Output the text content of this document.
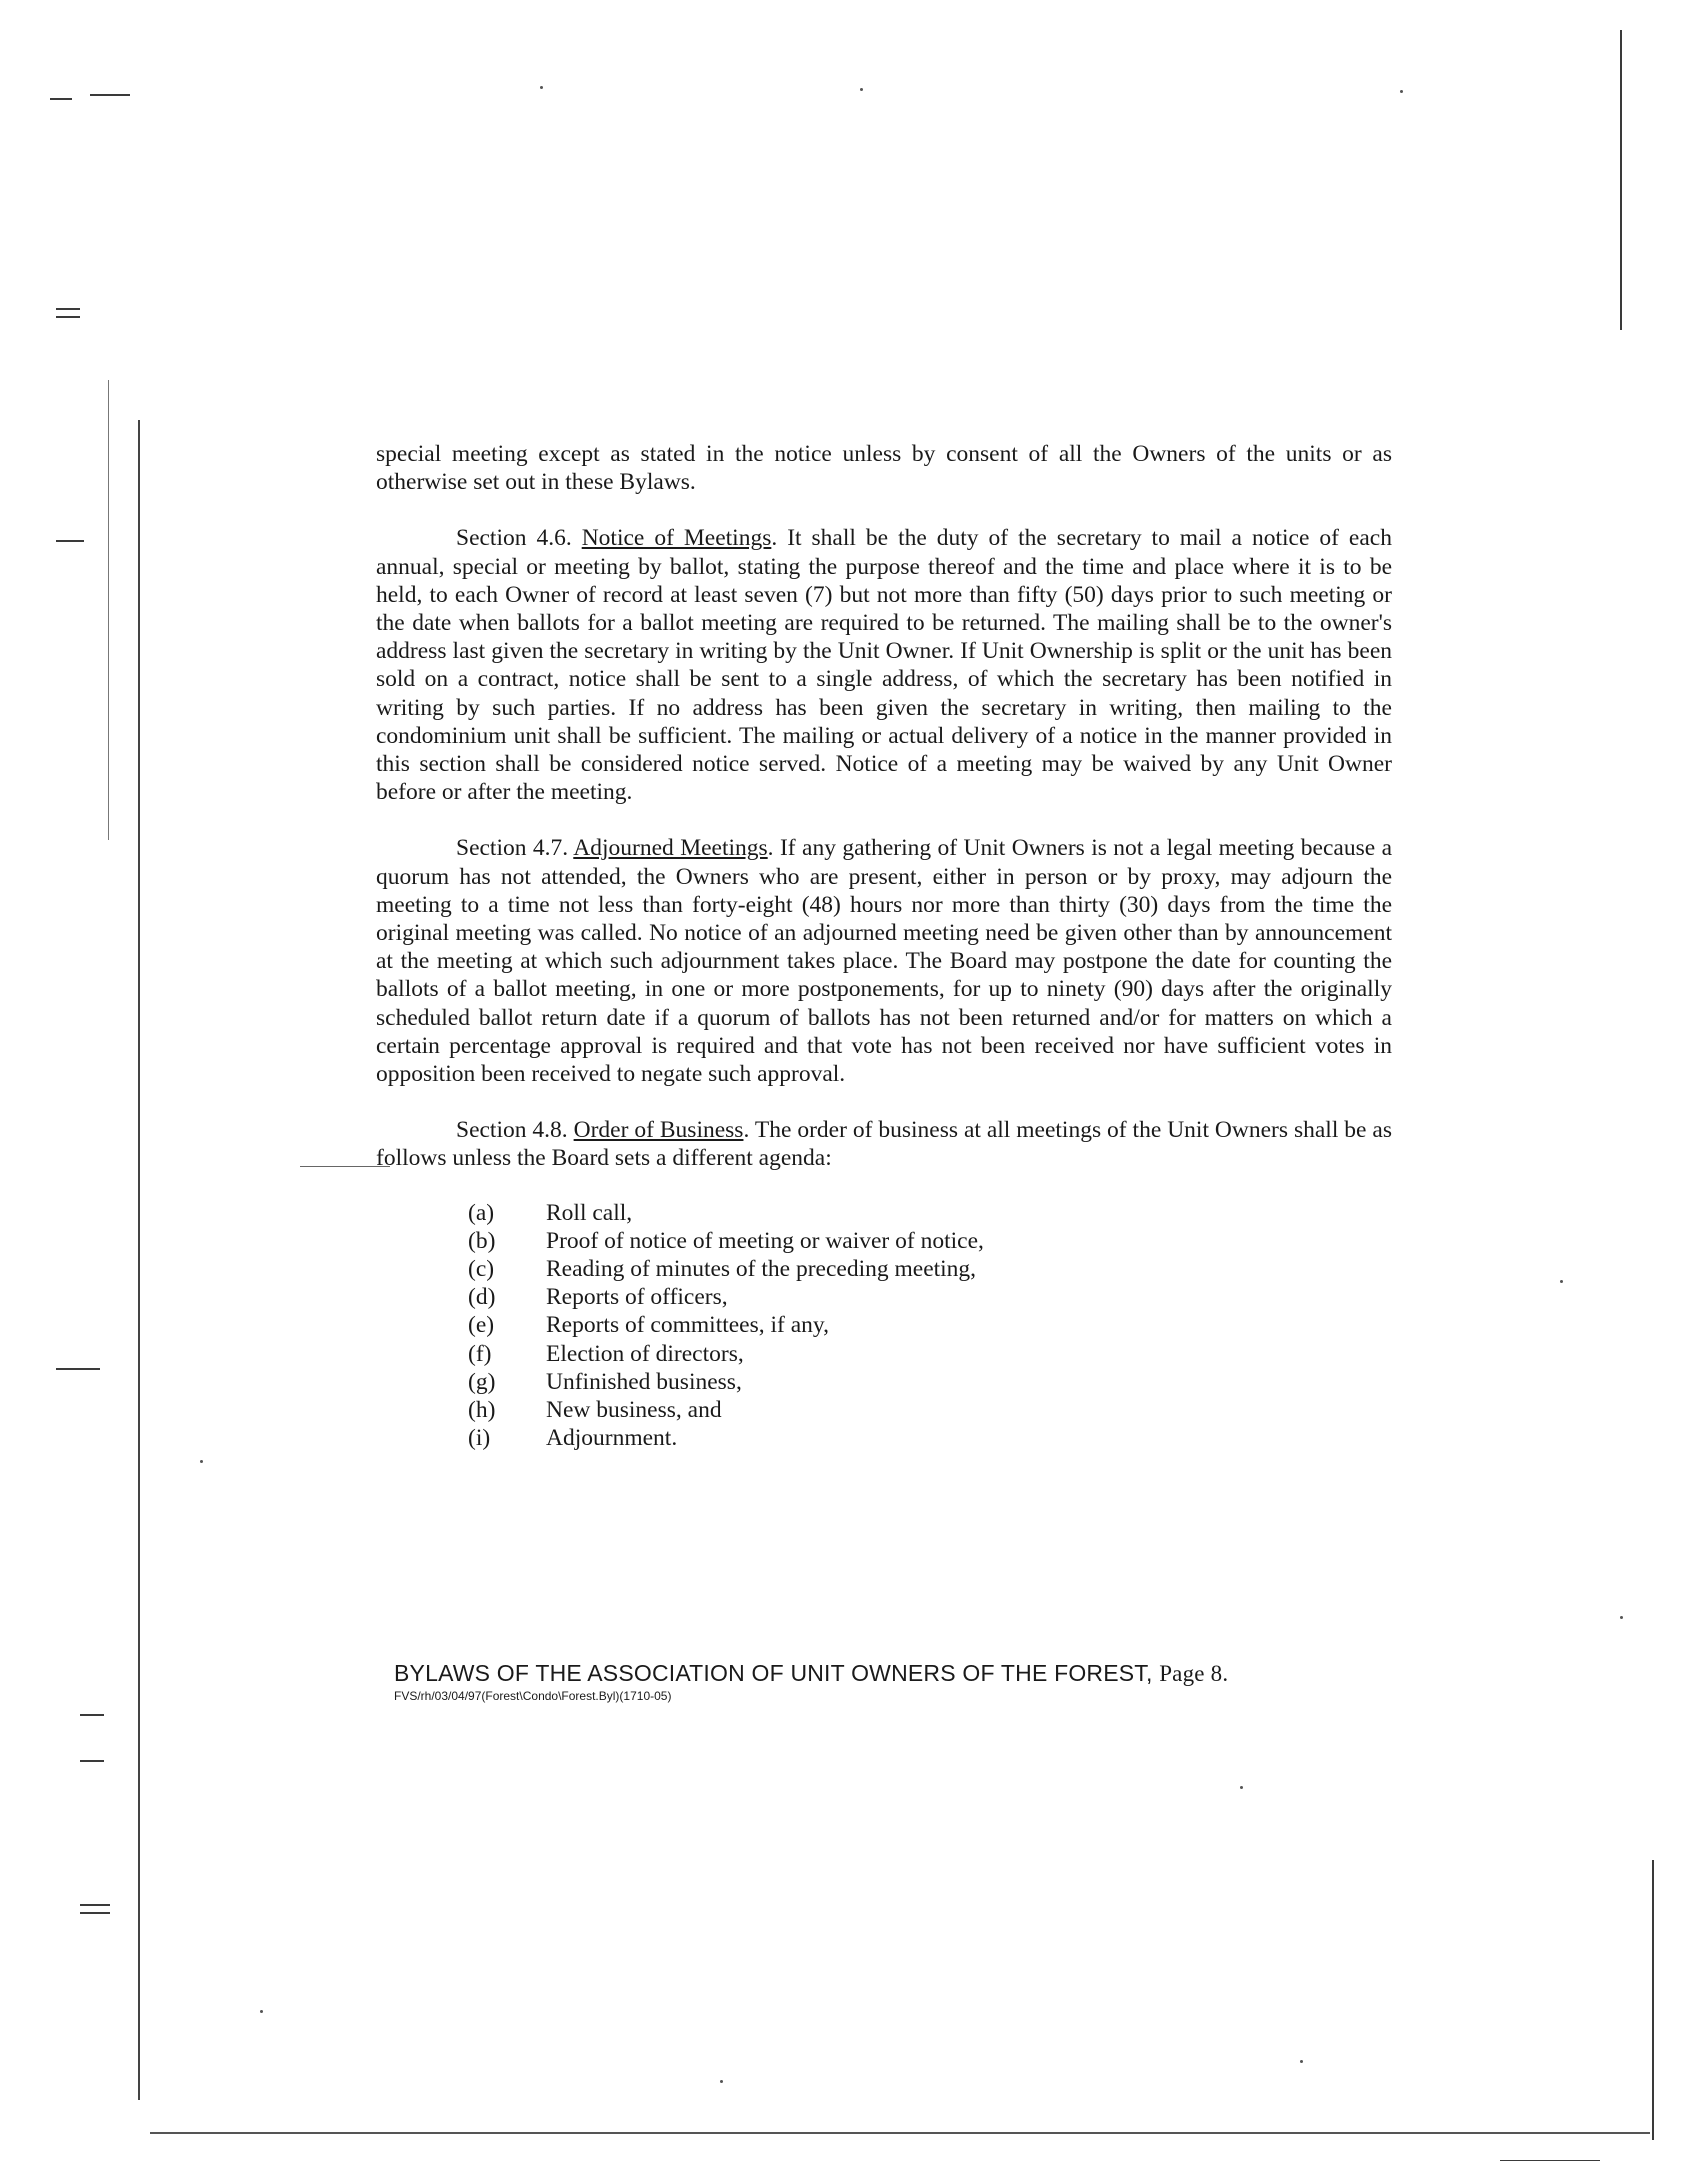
special meeting except as stated in the notice unless by consent of all the Owners of the units or as otherwise set out in these Bylaws.

Section 4.6. Notice of Meetings. It shall be the duty of the secretary to mail a notice of each annual, special or meeting by ballot, stating the purpose thereof and the time and place where it is to be held, to each Owner of record at least seven (7) but not more than fifty (50) days prior to such meeting or the date when ballots for a ballot meeting are required to be returned. The mailing shall be to the owner's address last given the secretary in writing by the Unit Owner. If Unit Ownership is split or the unit has been sold on a contract, notice shall be sent to a single address, of which the secretary has been notified in writing by such parties. If no address has been given the secretary in writing, then mailing to the condominium unit shall be sufficient. The mailing or actual delivery of a notice in the manner provided in this section shall be considered notice served. Notice of a meeting may be waived by any Unit Owner before or after the meeting.

Section 4.7. Adjourned Meetings. If any gathering of Unit Owners is not a legal meeting because a quorum has not attended, the Owners who are present, either in person or by proxy, may adjourn the meeting to a time not less than forty-eight (48) hours nor more than thirty (30) days from the time the original meeting was called. No notice of an adjourned meeting need be given other than by announcement at the meeting at which such adjournment takes place. The Board may postpone the date for counting the ballots of a ballot meeting, in one or more postponements, for up to ninety (90) days after the originally scheduled ballot return date if a quorum of ballots has not been returned and/or for matters on which a certain percentage approval is required and that vote has not been received nor have sufficient votes in opposition been received to negate such approval.

Section 4.8. Order of Business. The order of business at all meetings of the Unit Owners shall be as follows unless the Board sets a different agenda:

(a)	Roll call,
(b)	Proof of notice of meeting or waiver of notice,
(c)	Reading of minutes of the preceding meeting,
(d)	Reports of officers,
(e)	Reports of committees, if any,
(f)	Election of directors,
(g)	Unfinished business,
(h)	New business, and
(i)	Adjournment.
BYLAWS OF THE ASSOCIATION OF UNIT OWNERS OF THE FOREST, Page 8.
FVS/rh/03/04/97(Forest\Condo\Forest.Byl)(1710-05)
